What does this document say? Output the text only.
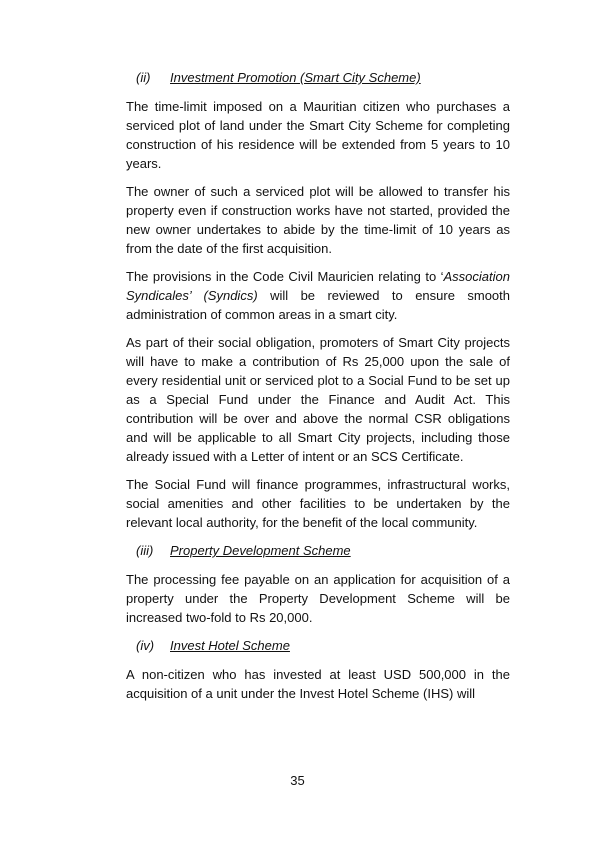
(ii) Investment Promotion (Smart City Scheme)

The time-limit imposed on a Mauritian citizen who purchases a serviced plot of land under the Smart City Scheme for completing construction of his residence will be extended from 5 years to 10 years.

The owner of such a serviced plot will be allowed to transfer his property even if construction works have not started, provided the new owner undertakes to abide by the time-limit of 10 years as from the date of the first acquisition.

The provisions in the Code Civil Mauricien relating to ‘Association Syndicales’ (Syndics) will be reviewed to ensure smooth administration of common areas in a smart city.

As part of their social obligation, promoters of Smart City projects will have to make a contribution of Rs 25,000 upon the sale of every residential unit or serviced plot to a Social Fund to be set up as a Special Fund under the Finance and Audit Act. This contribution will be over and above the normal CSR obligations and will be applicable to all Smart City projects, including those already issued with a Letter of intent or an SCS Certificate.

The Social Fund will finance programmes, infrastructural works, social amenities and other facilities to be undertaken by the relevant local authority, for the benefit of the local community.

(iii) Property Development Scheme

The processing fee payable on an application for acquisition of a property under the Property Development Scheme will be increased two-fold to Rs 20,000.

(iv) Invest Hotel Scheme

A non-citizen who has invested at least USD 500,000 in the acquisition of a unit under the Invest Hotel Scheme (IHS) will

35
